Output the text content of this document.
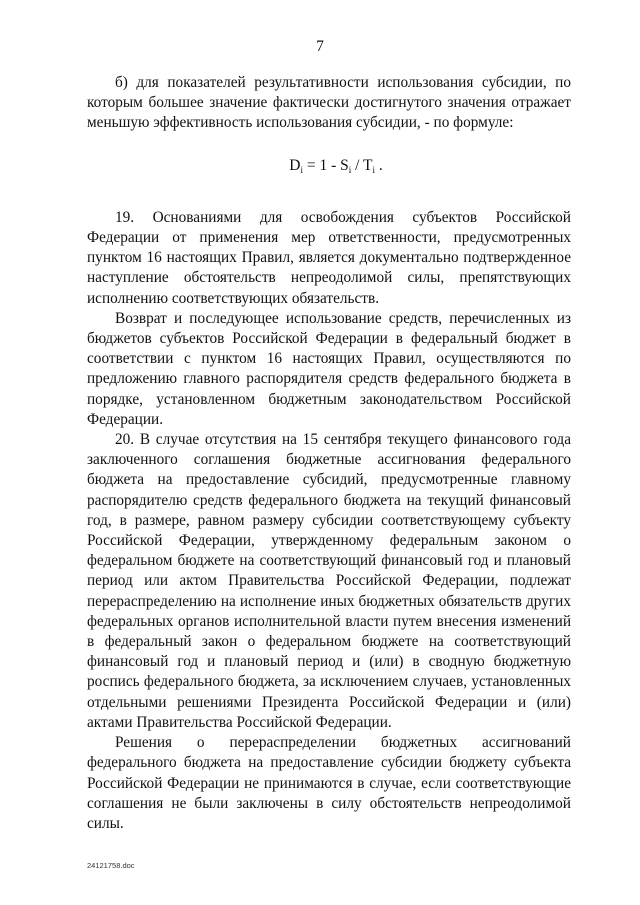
7

б) для показателей результативности использования субсидии, по которым большее значение фактически достигнутого значения отражает меньшую эффективность использования субсидии, - по формуле:

$D_i = 1 - S_i / T_i$ .

19. Основаниями для освобождения субъектов Российской Федерации от применения мер ответственности, предусмотренных пунктом 16 настоящих Правил, является документально подтвержденное наступление обстоятельств непреодолимой силы, препятствующих исполнению соответствующих обязательств.

Возврат и последующее использование средств, перечисленных из бюджетов субъектов Российской Федерации в федеральный бюджет в соответствии с пунктом 16 настоящих Правил, осуществляются по предложению главного распорядителя средств федерального бюджета в порядке, установленном бюджетным законодательством Российской Федерации.

20. В случае отсутствия на 15 сентября текущего финансового года заключенного соглашения бюджетные ассигнования федерального бюджета на предоставление субсидий, предусмотренные главному распорядителю средств федерального бюджета на текущий финансовый год, в размере, равном размеру субсидии соответствующему субъекту Российской Федерации, утвержденному федеральным законом о федеральном бюджете на соответствующий финансовый год и плановый период или актом Правительства Российской Федерации, подлежат перераспределению на исполнение иных бюджетных обязательств других федеральных органов исполнительной власти путем внесения изменений в федеральный закон о федеральном бюджете на соответствующий финансовый год и плановый период и (или) в сводную бюджетную роспись федерального бюджета, за исключением случаев, установленных отдельными решениями Президента Российской Федерации и (или) актами Правительства Российской Федерации.

Решения о перераспределении бюджетных ассигнований федерального бюджета на предоставление субсидии бюджету субъекта Российской Федерации не принимаются в случае, если соответствующие соглашения не были заключены в силу обстоятельств непреодолимой силы.

24121758.doc
